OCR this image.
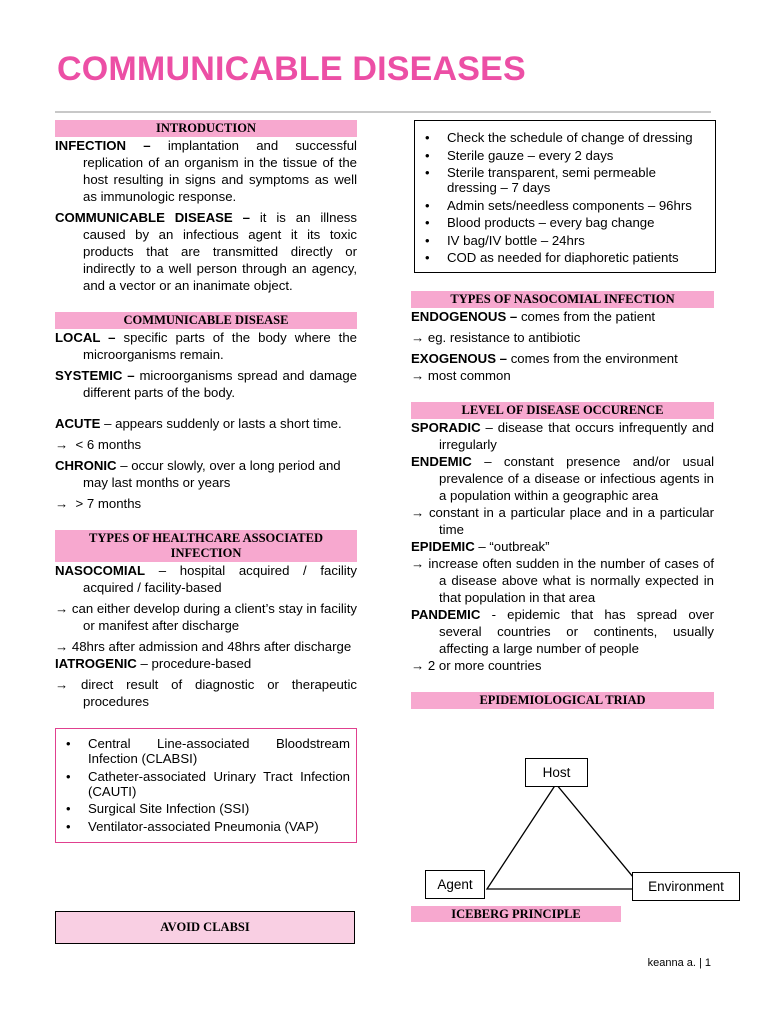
COMMUNICABLE DISEASES
INTRODUCTION

INFECTION – implantation and successful replication of an organism in the tissue of the host resulting in signs and symptoms as well as immunologic response.

COMMUNICABLE DISEASE – it is an illness caused by an infectious agent it its toxic products that are transmitted directly or indirectly to a well person through an agency, and a vector or an inanimate object.

COMMUNICABLE DISEASE

LOCAL – specific parts of the body where the microorganisms remain.

SYSTEMIC – microorganisms spread and damage different parts of the body.

ACUTE – appears suddenly or lasts a short time.

→ < 6 months

CHRONIC – occur slowly, over a long period and may last months or years

→ > 7 months

TYPES OF HEALTHCARE ASSOCIATED INFECTION

NASOCOMIAL – hospital acquired / facility acquired / facility-based

→ can either develop during a client’s stay in facility or manifest after discharge

→ 48hrs after admission and 48hrs after discharge

IATROGENIC – procedure-based

→ direct result of diagnostic or therapeutic procedures

• Central Line-associated Bloodstream Infection (CLABSI)
• Catheter-associated Urinary Tract Infection (CAUTI)
• Surgical Site Infection (SSI)
• Ventilator-associated Pneumonia (VAP)
AVOID CLABSI
• Check the schedule of change of dressing
• Sterile gauze – every 2 days
• Sterile transparent, semi permeable dressing – 7 days
• Admin sets/needless components – 96hrs
• Blood products – every bag change
• IV bag/IV bottle – 24hrs
• COD as needed for diaphoretic patients
TYPES OF NASOCOMIAL INFECTION

ENDOGENOUS – comes from the patient

→ eg. resistance to antibiotic

EXOGENOUS – comes from the environment

→ most common

LEVEL OF DISEASE OCCURENCE

SPORADIC – disease that occurs infrequently and irregularly

ENDEMIC – constant presence and/or usual prevalence of a disease or infectious agents in a population within a geographic area

→ constant in a particular place and in a particular time

EPIDEMIC – “outbreak”

→ increase often sudden in the number of cases of a disease above what is normally expected in that population in that area

PANDEMIC - epidemic that has spread over several countries or continents, usually affecting a large number of people

→ 2 or more countries

EPIDEMIOLOGICAL TRIAD
Host
Agent	Environment
ICEBERG PRINCIPLE
keanna a. | 1
